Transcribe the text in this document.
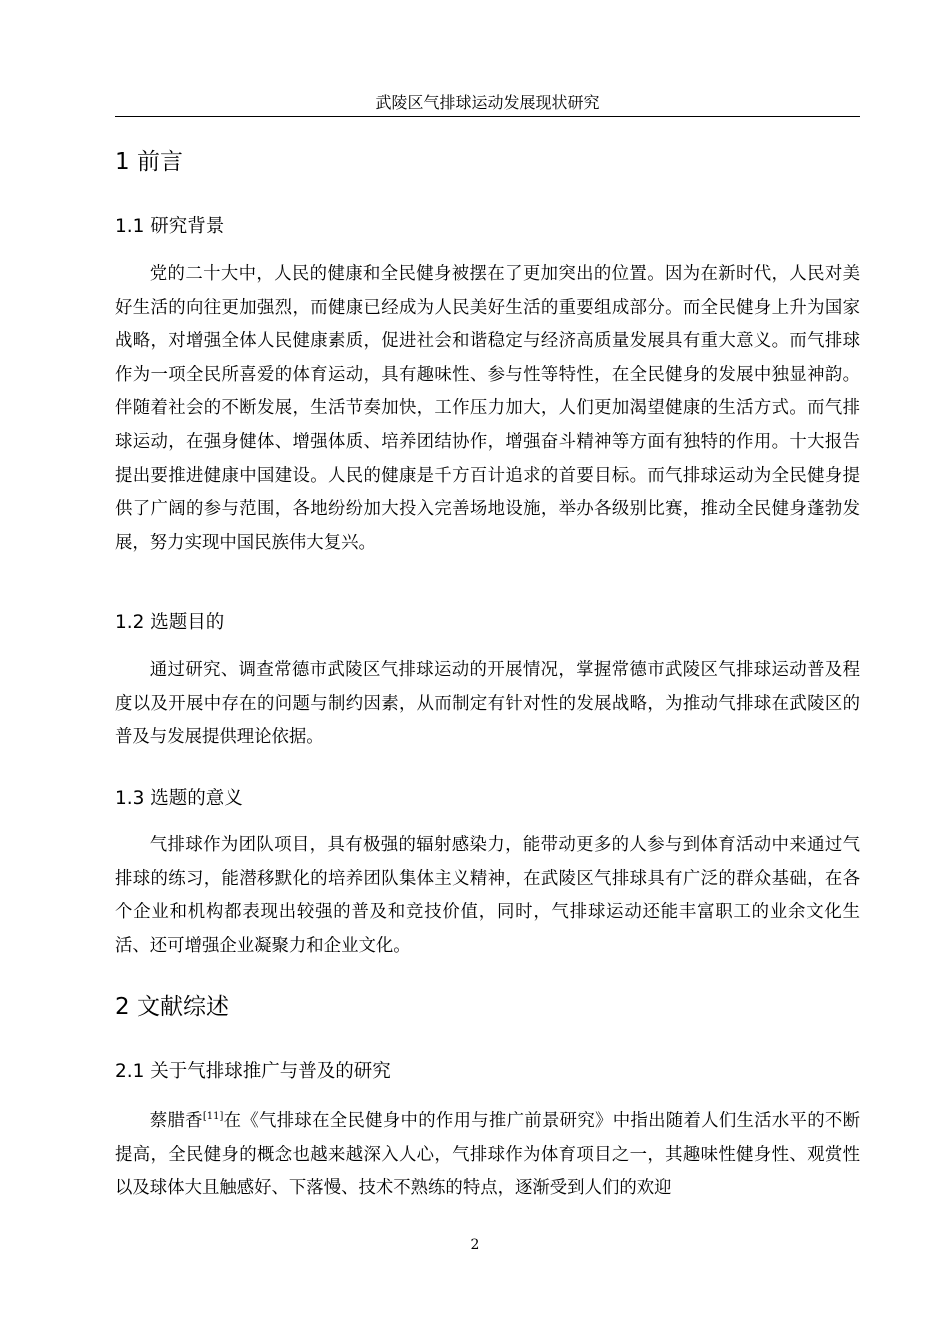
武陵区气排球运动发展现状研究
1 前言
1.1 研究背景

党的二十大中，人民的健康和全民健身被摆在了更加突出的位置。因为在新时代，人民对美好生活的向往更加强烈，而健康已经成为人民美好生活的重要组成部分。而全民健身上升为国家战略，对增强全体人民健康素质，促进社会和谐稳定与经济高质量发展具有重大意义。而气排球作为一项全民所喜爱的体育运动，具有趣味性、参与性等特性，在全民健身的发展中独显神韵。伴随着社会的不断发展，生活节奏加快，工作压力加大，人们更加渴望健康的生活方式。而气排球运动，在强身健体、增强体质、培养团结协作，增强奋斗精神等方面有独特的作用。十大报告提出要推进健康中国建设。人民的健康是千方百计追求的首要目标。而气排球运动为全民健身提供了广阔的参与范围，各地纷纷加大投入完善场地设施，举办各级别比赛，推动全民健身蓬勃发展，努力实现中国民族伟大复兴。

1.2 选题目的

通过研究、调查常德市武陵区气排球运动的开展情况，掌握常德市武陵区气排球运动普及程度以及开展中存在的问题与制约因素，从而制定有针对性的发展战略，为推动气排球在武陵区的普及与发展提供理论依据。

1.3 选题的意义

气排球作为团队项目，具有极强的辐射感染力，能带动更多的人参与到体育活动中来通过气排球的练习，能潜移默化的培养团队集体主义精神，在武陵区气排球具有广泛的群众基础，在各个企业和机构都表现出较强的普及和竞技价值，同时，气排球运动还能丰富职工的业余文化生活、还可增强企业凝聚力和企业文化。

2 文献综述
2.1 关于气排球推广与普及的研究

蔡腊香[11]在《气排球在全民健身中的作用与推广前景研究》中指出随着人们生活水平的不断提高，全民健身的概念也越来越深入人心，气排球作为体育项目之一，其趣味性健身性、观赏性以及球体大且触感好、下落慢、技术不熟练的特点，逐渐受到人们的欢迎

2
